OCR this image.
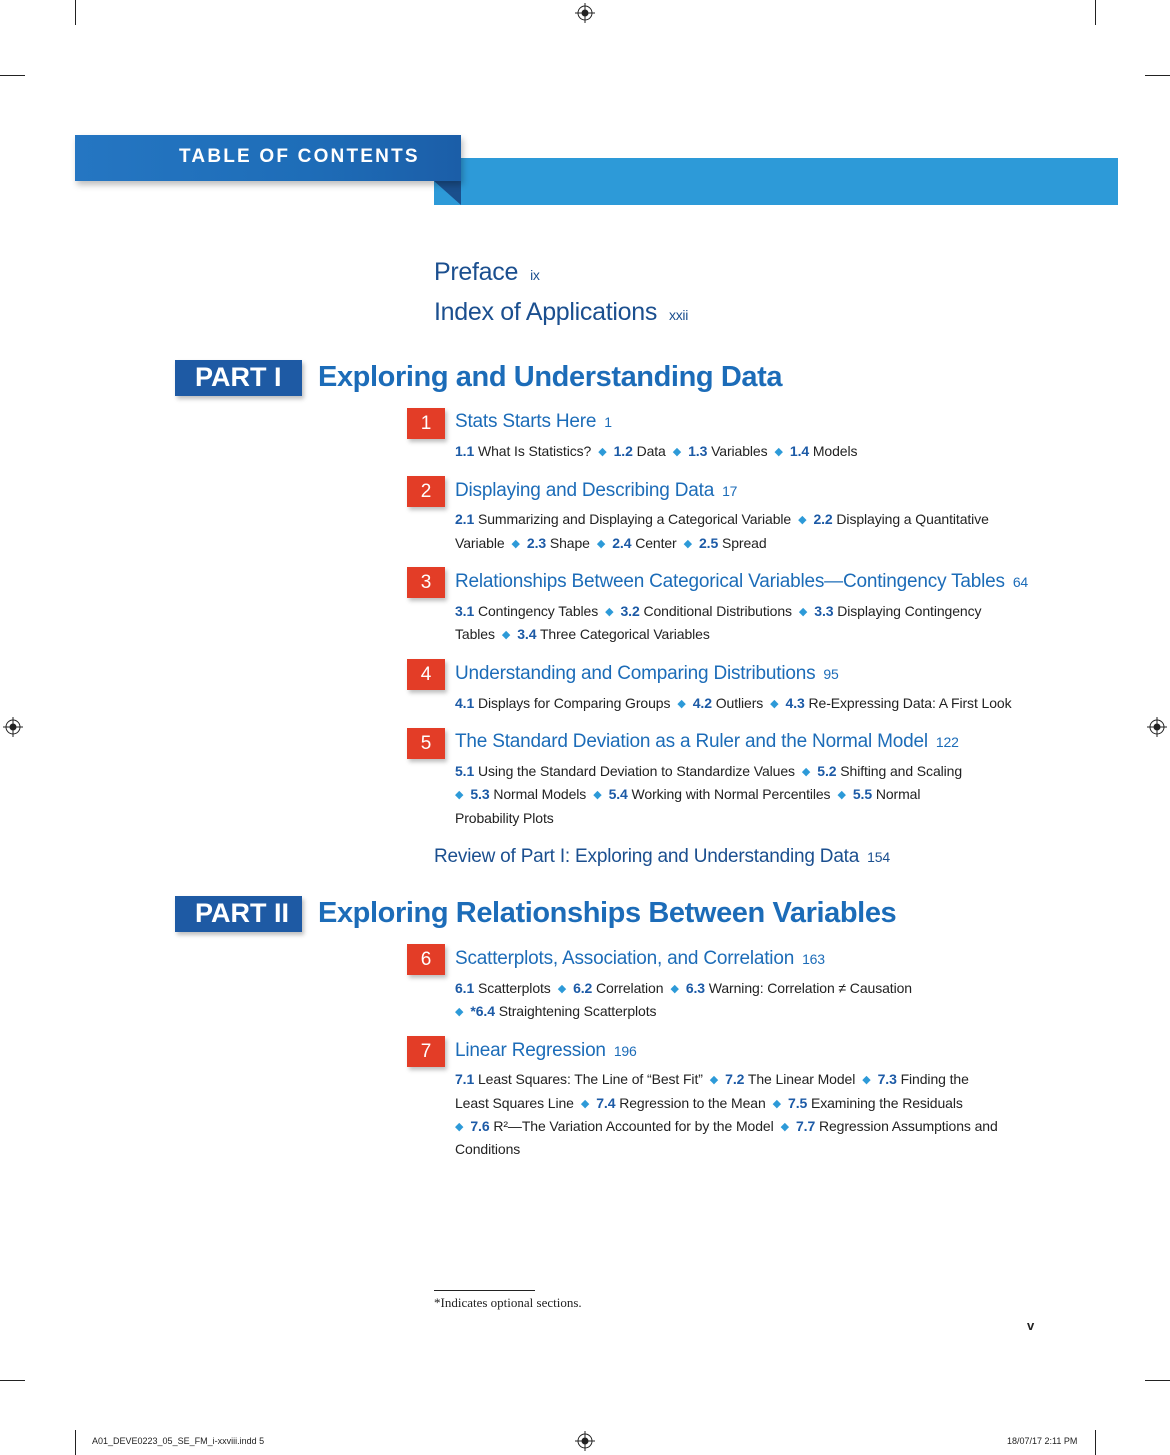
TABLE OF CONTENTS
Preface ix
Index of Applications xxii
PART I Exploring and Understanding Data
1	Stats Starts Here 1
1.1 What Is Statistics? ◆ 1.2 Data ◆ 1.3 Variables ◆ 1.4 Models
2	Displaying and Describing Data 17
2.1 Summarizing and Displaying a Categorical Variable ◆ 2.2 Displaying a Quantitative
Variable ◆ 2.3 Shape ◆ 2.4 Center ◆ 2.5 Spread
3	Relationships Between Categorical Variables—Contingency Tables 64
3.1 Contingency Tables ◆ 3.2 Conditional Distributions ◆ 3.3 Displaying Contingency
Tables ◆ 3.4 Three Categorical Variables
4	Understanding and Comparing Distributions 95
4.1 Displays for Comparing Groups ◆ 4.2 Outliers ◆ 4.3 Re-Expressing Data: A First Look
5	The Standard Deviation as a Ruler and the Normal Model 122
5.1 Using the Standard Deviation to Standardize Values ◆ 5.2 Shifting and Scaling
◆ 5.3 Normal Models ◆ 5.4 Working with Normal Percentiles ◆ 5.5 Normal
Probability Plots
Review of Part I: Exploring and Understanding Data 154
PART II Exploring Relationships Between Variables
6	Scatterplots, Association, and Correlation 163
6.1 Scatterplots ◆ 6.2 Correlation ◆ 6.3 Warning: Correlation ≠ Causation
◆ *6.4 Straightening Scatterplots
7	Linear Regression 196
7.1 Least Squares: The Line of “Best Fit” ◆ 7.2 The Linear Model ◆ 7.3 Finding the
Least Squares Line ◆ 7.4 Regression to the Mean ◆ 7.5 Examining the Residuals
◆ 7.6 R²—The Variation Accounted for by the Model ◆ 7.7 Regression Assumptions and
Conditions
*Indicates optional sections.
v
A01_DEVE0223_05_SE_FM_i-xxviii.indd 5	18/07/17 2:11 PM
